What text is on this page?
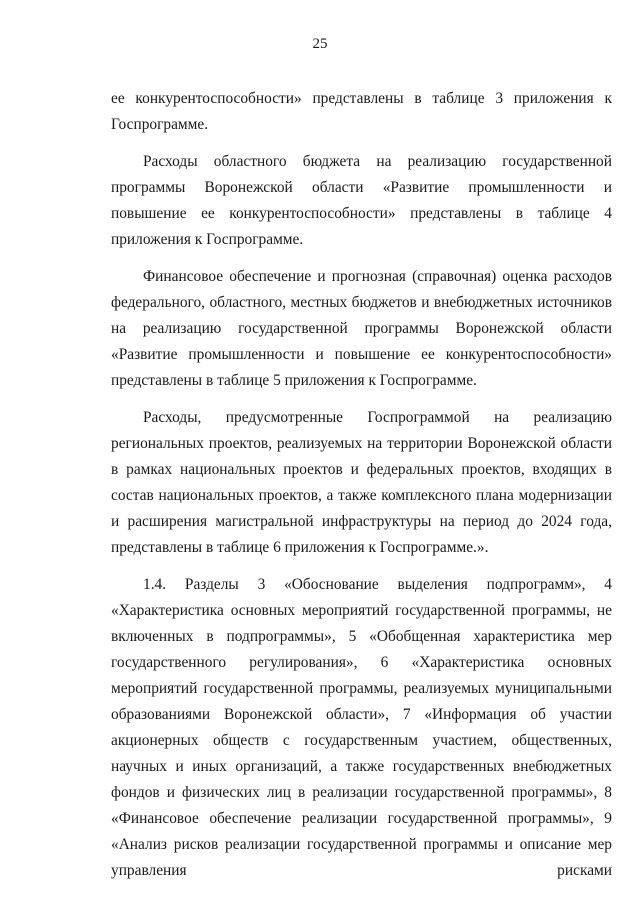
25

ее конкурентоспособности» представлены в таблице 3 приложения к Госпрограмме.

Расходы областного бюджета на реализацию государственной программы Воронежской области «Развитие промышленности и повышение ее конкурентоспособности» представлены в таблице 4 приложения к Госпрограмме.

Финансовое обеспечение и прогнозная (справочная) оценка расходов федерального, областного, местных бюджетов и внебюджетных источников на реализацию государственной программы Воронежской области «Развитие промышленности и повышение ее конкурентоспособности» представлены в таблице 5 приложения к Госпрограмме.

Расходы, предусмотренные Госпрограммой на реализацию региональных проектов, реализуемых на территории Воронежской области в рамках национальных проектов и федеральных проектов, входящих в состав национальных проектов, а также комплексного плана модернизации и расширения магистральной инфраструктуры на период до 2024 года, представлены в таблице 6 приложения к Госпрограмме.».

1.4. Разделы 3 «Обоснование выделения подпрограмм», 4 «Характеристика основных мероприятий государственной программы, не включенных в подпрограммы», 5 «Обобщенная характеристика мер государственного регулирования», 6 «Характеристика основных мероприятий государственной программы, реализуемых муниципальными образованиями Воронежской области», 7 «Информация об участии акционерных обществ с государственным участием, общественных, научных и иных организаций, а также государственных внебюджетных фондов и физических лиц в реализации государственной программы», 8 «Финансовое обеспечение реализации государственной программы», 9 «Анализ рисков реализации государственной программы и описание мер управления рисками
